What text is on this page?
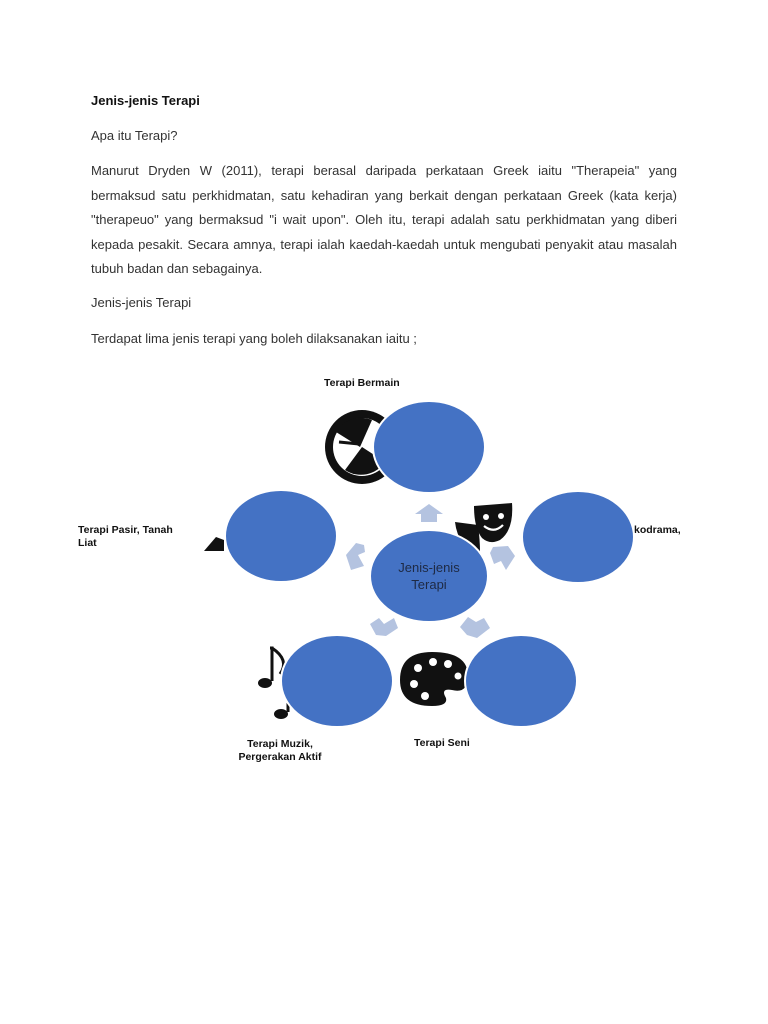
Jenis-jenis Terapi
Apa itu Terapi?
Manurut Dryden W (2011), terapi berasal daripada perkataan Greek iaitu "Therapeia" yang bermaksud satu perkhidmatan, satu kehadiran yang berkait dengan perkataan Greek (kata kerja) "therapeuo" yang bermaksud "i wait upon". Oleh itu, terapi adalah satu perkhidmatan yang diberi kepada pesakit. Secara amnya, terapi ialah kaedah-kaedah untuk mengubati penyakit atau masalah tubuh badan dan sebagainya.
Jenis-jenis Terapi
Terdapat lima jenis terapi yang boleh dilaksanakan iaitu ;
Terapi Bermain
kodrama,
Terapi Pasir, Tanah
Liat
Terapi Muzik,
Pergerakan Aktif
Terapi Seni
Jenis-jenis
Terapi
